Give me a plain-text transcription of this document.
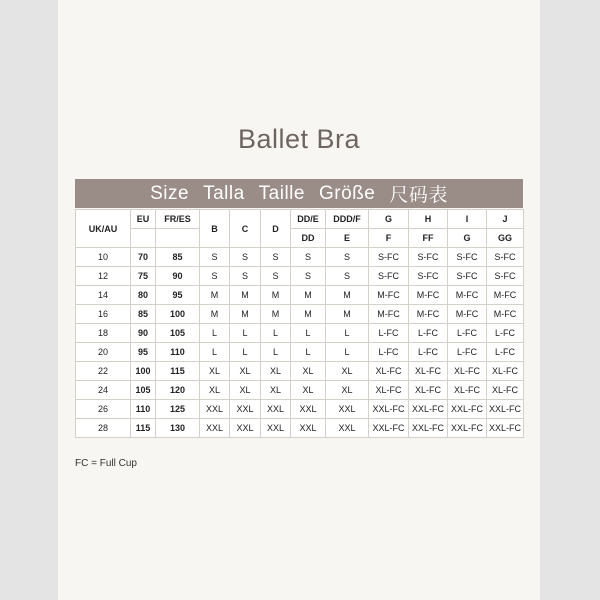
Ballet Bra
Size Talla Taille Größe 尺码表
UK/AU	EU	FR/ES	B	C	D	DD/E	DDD/F	G	H	I	J
						DD	E	F	FF	G	GG
10	70	85	S	S	S	S	S	S-FC	S-FC	S-FC	S-FC
12	75	90	S	S	S	S	S	S-FC	S-FC	S-FC	S-FC
14	80	95	M	M	M	M	M	M-FC	M-FC	M-FC	M-FC
16	85	100	M	M	M	M	M	M-FC	M-FC	M-FC	M-FC
18	90	105	L	L	L	L	L	L-FC	L-FC	L-FC	L-FC
20	95	110	L	L	L	L	L	L-FC	L-FC	L-FC	L-FC
22	100	115	XL	XL	XL	XL	XL	XL-FC	XL-FC	XL-FC	XL-FC
24	105	120	XL	XL	XL	XL	XL	XL-FC	XL-FC	XL-FC	XL-FC
26	110	125	XXL	XXL	XXL	XXL	XXL	XXL-FC	XXL-FC	XXL-FC	XXL-FC
28	115	130	XXL	XXL	XXL	XXL	XXL	XXL-FC	XXL-FC	XXL-FC	XXL-FC
FC = Full Cup
